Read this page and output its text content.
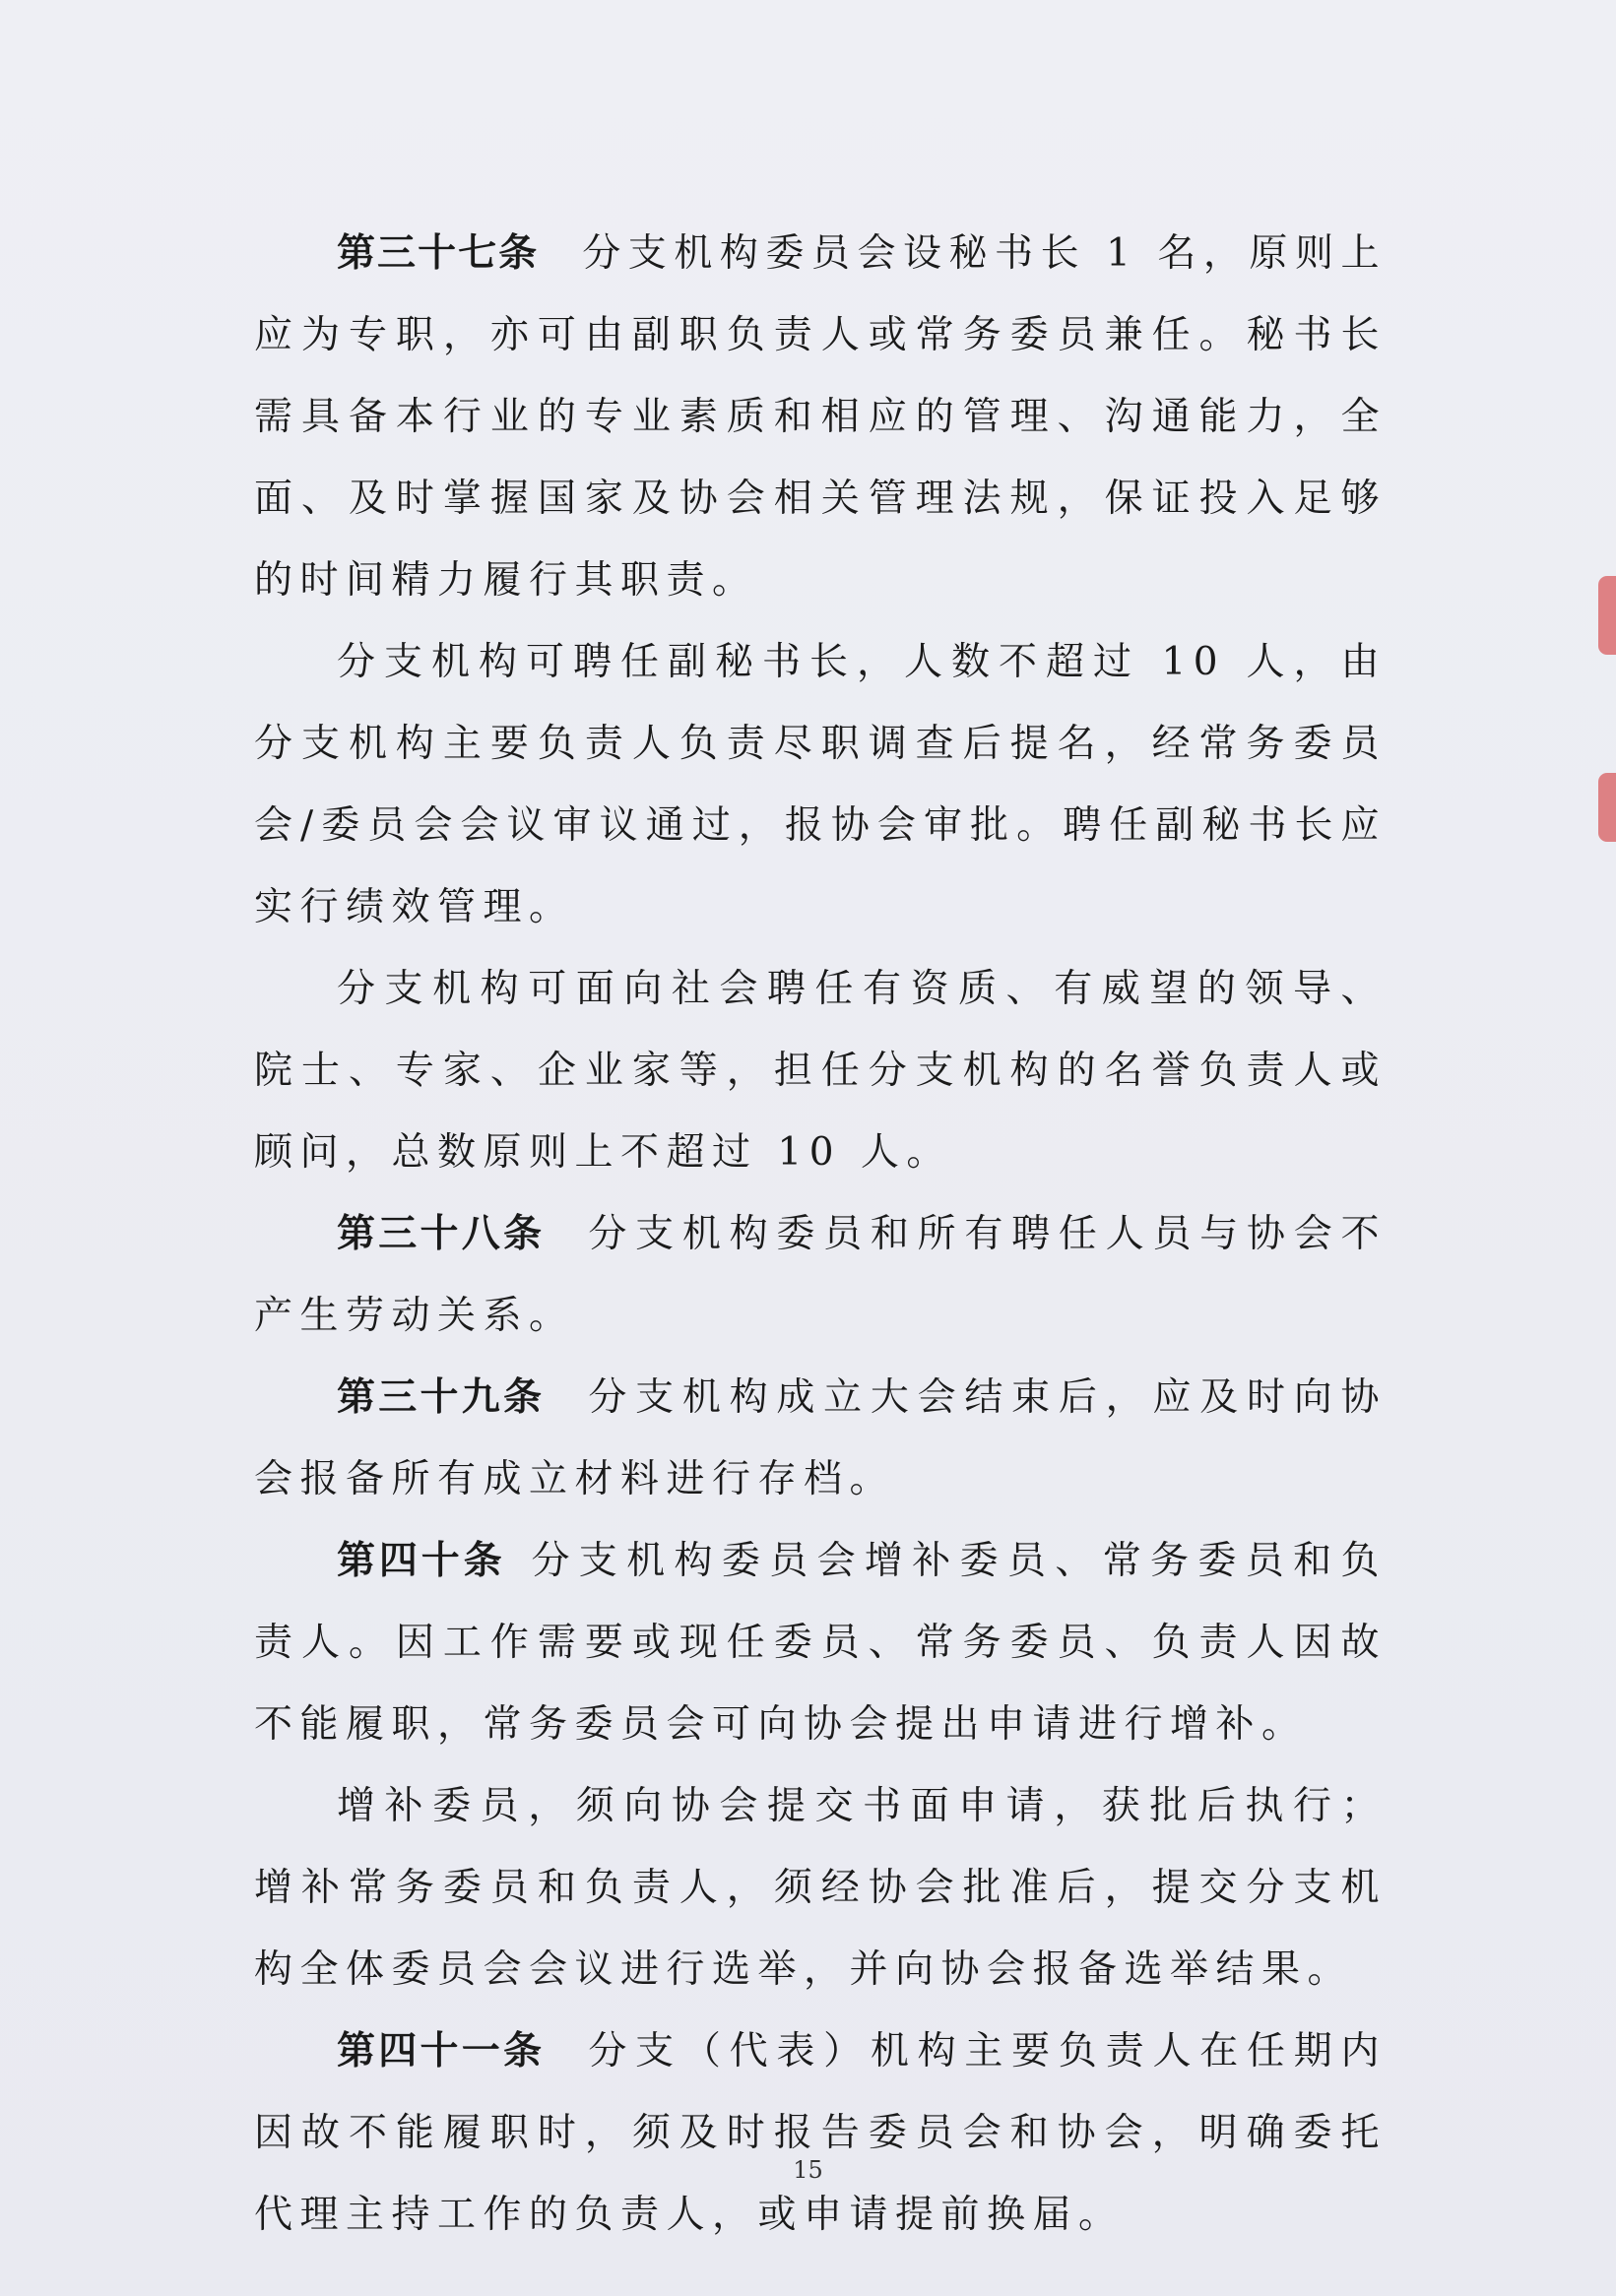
第三十七条 分支机构委员会设秘书长 1 名，原则上应为专职，亦可由副职负责人或常务委员兼任。秘书长需具备本行业的专业素质和相应的管理、沟通能力，全面、及时掌握国家及协会相关管理法规，保证投入足够的时间精力履行其职责。

分支机构可聘任副秘书长，人数不超过 10 人，由分支机构主要负责人负责尽职调查后提名，经常务委员会/委员会会议审议通过，报协会审批。聘任副秘书长应实行绩效管理。

分支机构可面向社会聘任有资质、有威望的领导、院士、专家、企业家等，担任分支机构的名誉负责人或顾问，总数原则上不超过 10 人。

第三十八条 分支机构委员和所有聘任人员与协会不产生劳动关系。

第三十九条 分支机构成立大会结束后，应及时向协会报备所有成立材料进行存档。

第四十条 分支机构委员会增补委员、常务委员和负责人。因工作需要或现任委员、常务委员、负责人因故不能履职，常务委员会可向协会提出申请进行增补。

增补委员，须向协会提交书面申请，获批后执行；增补常务委员和负责人，须经协会批准后，提交分支机构全体委员会会议进行选举，并向协会报备选举结果。

第四十一条 分支（代表）机构主要负责人在任期内因故不能履职时，须及时报告委员会和协会，明确委托代理主持工作的负责人，或申请提前换届。

15
